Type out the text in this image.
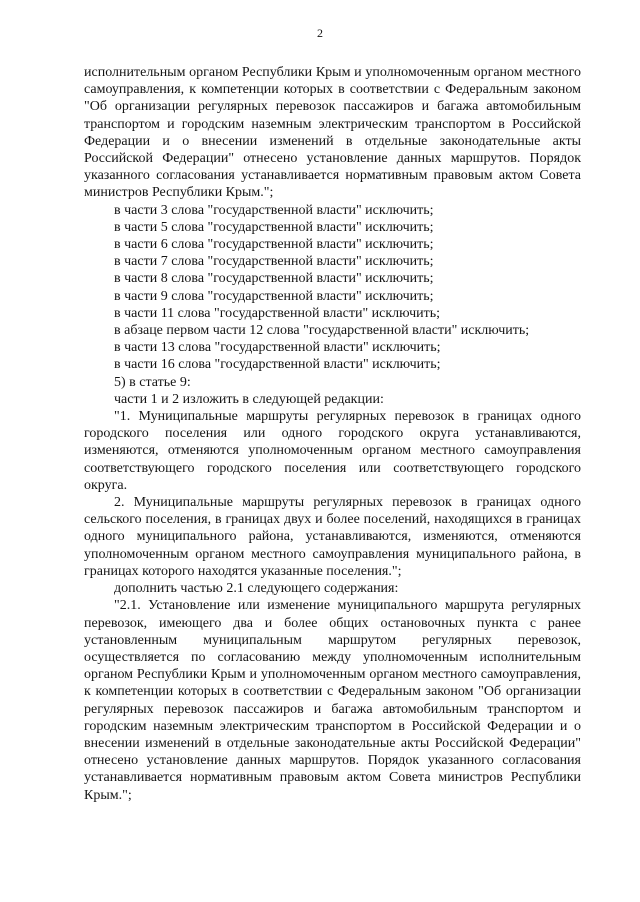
2

исполнительным органом Республики Крым и уполномоченным органом местного самоуправления, к компетенции которых в соответствии с Федеральным законом "Об организации регулярных перевозок пассажиров и багажа автомобильным транспортом и городским наземным электрическим транспортом в Российской Федерации и о внесении изменений в отдельные законодательные акты Российской Федерации" отнесено установление данных маршрутов. Порядок указанного согласования устанавливается нормативным правовым актом Совета министров Республики Крым.";

в части 3 слова "государственной власти" исключить;

в части 5 слова "государственной власти" исключить;

в части 6 слова "государственной власти" исключить;

в части 7 слова "государственной власти" исключить;

в части 8 слова "государственной власти" исключить;

в части 9 слова "государственной власти" исключить;

в части 11 слова "государственной власти" исключить;

в абзаце первом части 12 слова "государственной власти" исключить;

в части 13 слова "государственной власти" исключить;

в части 16 слова "государственной власти" исключить;

5) в статье 9:

части 1 и 2 изложить в следующей редакции:

"1. Муниципальные маршруты регулярных перевозок в границах одного городского поселения или одного городского округа устанавливаются, изменяются, отменяются уполномоченным органом местного самоуправления соответствующего городского поселения или соответствующего городского округа.

2. Муниципальные маршруты регулярных перевозок в границах одного сельского поселения, в границах двух и более поселений, находящихся в границах одного муниципального района, устанавливаются, изменяются, отменяются уполномоченным органом местного самоуправления муниципального района, в границах которого находятся указанные поселения.";

дополнить частью 2.1 следующего содержания:

"2.1. Установление или изменение муниципального маршрута регулярных перевозок, имеющего два и более общих остановочных пункта с ранее установленным муниципальным маршрутом регулярных перевозок, осуществляется по согласованию между уполномоченным исполнительным органом Республики Крым и уполномоченным органом местного самоуправления, к компетенции которых в соответствии с Федеральным законом "Об организации регулярных перевозок пассажиров и багажа автомобильным транспортом и городским наземным электрическим транспортом в Российской Федерации и о внесении изменений в отдельные законодательные акты Российской Федерации" отнесено установление данных маршрутов. Порядок указанного согласования устанавливается нормативным правовым актом Совета министров Республики Крым.";
